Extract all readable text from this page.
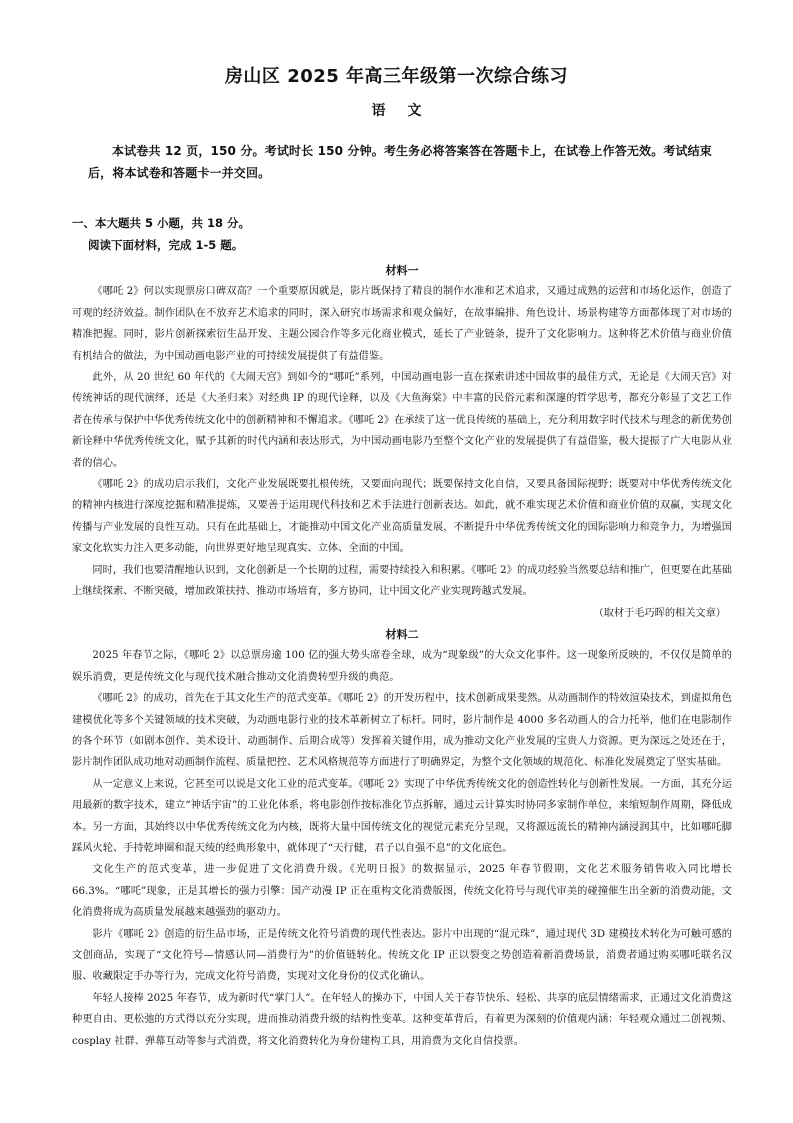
房山区 2025 年高三年级第一次综合练习
语文
本试卷共 12 页，150 分。考试时长 150 分钟。考生务必将答案答在答题卡上，在试卷上作答无效。考试结束后，将本试卷和答题卡一并交回。
一、本大题共 5 小题，共 18 分。
阅读下面材料，完成 1-5 题。

材料一

《哪吒 2》何以实现票房口碑双高？一个重要原因就是，影片既保持了精良的制作水准和艺术追求，又通过成熟的运营和市场化运作，创造了可观的经济效益。制作团队在不放弃艺术追求的同时，深入研究市场需求和观众偏好，在故事编排、角色设计、场景构建等方面都体现了对市场的精准把握。同时，影片创新探索衍生品开发、主题公园合作等多元化商业模式，延长了产业链条，提升了文化影响力。这种将艺术价值与商业价值有机结合的做法，为中国动画电影产业的可持续发展提供了有益借鉴。

此外，从 20 世纪 60 年代的《大闹天宫》到如今的“哪吒”系列，中国动画电影一直在探索讲述中国故事的最佳方式，无论是《大闹天宫》对传统神话的现代演绎，还是《大圣归来》对经典 IP 的现代诠释，以及《大鱼海棠》中丰富的民俗元素和深邃的哲学思考，都充分彰显了文艺工作者在传承与保护中华优秀传统文化中的创新精神和不懈追求。《哪吒 2》在承续了这一优良传统的基础上，充分利用数字时代技术与理念的新优势创新诠释中华优秀传统文化，赋予其新的时代内涵和表达形式，为中国动画电影乃至整个文化产业的发展提供了有益借鉴，极大提振了广大电影从业者的信心。

《哪吒 2》的成功启示我们，文化产业发展既要扎根传统，又要面向现代；既要保持文化自信，又要具备国际视野；既要对中华优秀传统文化的精神内核进行深度挖掘和精准提炼，又要善于运用现代科技和艺术手法进行创新表达。如此，就不难实现艺术价值和商业价值的双赢，实现文化传播与产业发展的良性互动。只有在此基础上，才能推动中国文化产业高质量发展，不断提升中华优秀传统文化的国际影响力和竞争力，为增强国家文化软实力注入更多动能，向世界更好地呈现真实、立体、全面的中国。

同时，我们也要清醒地认识到，文化创新是一个长期的过程，需要持续投入和积累。《哪吒 2》的成功经验当然要总结和推广，但更要在此基础上继续探索、不断突破，增加政策扶持、推动市场培育，多方协同，让中国文化产业实现跨越式发展。

（取材于毛巧晖的相关文章）

材料二

2025 年春节之际，《哪吒 2》以总票房逾 100 亿的强大势头席卷全球，成为“现象级”的大众文化事件。这一现象所反映的，不仅仅是简单的娱乐消费，更是传统文化与现代技术融合推动文化消费转型升级的典范。

《哪吒 2》的成功，首先在于其文化生产的范式变革。《哪吒 2》的开发历程中，技术创新成果斐然。从动画制作的特效渲染技术，到虚拟角色建模优化等多个关键领域的技术突破，为动画电影行业的技术革新树立了标杆。同时，影片制作是 4000 多名动画人的合力托举，他们在电影制作的各个环节（如剧本创作、美术设计、动画制作、后期合成等）发挥着关键作用，成为推动文化产业发展的宝贵人力资源。更为深远之处还在于，影片制作团队成功地对动画制作流程、质量把控、艺术风格规范等方面进行了明确界定，为整个文化领域的规范化、标准化发展奠定了坚实基础。

从一定意义上来说，它甚至可以说是文化工业的范式变革。《哪吒 2》实现了中华优秀传统文化的创造性转化与创新性发展。一方面，其充分运用最新的数字技术，建立“神话宇宙”的工业化体系，将电影创作按标准化节点拆解，通过云计算实时协同多家制作单位，来缩短制作周期，降低成本。另一方面，其始终以中华优秀传统文化为内核，既将大量中国传统文化的视觉元素充分呈现，又将源远流长的精神内涵浸润其中，比如哪吒脚踩风火轮、手持乾坤圈和混天绫的经典形象中，就体现了“天行健，君子以自强不息”的文化底色。

文化生产的范式变革，进一步促进了文化消费升级。《光明日报》的数据显示，2025 年春节假期，文化艺术服务销售收入同比增长 66.3%。“哪吒”现象，正是其增长的强力引擎：国产动漫 IP 正在重构文化消费版图，传统文化符号与现代审美的碰撞催生出全新的消费动能，文化消费将成为高质量发展越来越强劲的驱动力。

影片《哪吒 2》创造的衍生品市场，正是传统文化符号消费的现代性表达。影片中出现的“混元珠”，通过现代 3D 建模技术转化为可触可感的文创商品，实现了“文化符号—情感认同—消费行为”的价值链转化。传统文化 IP 正以裂变之势创造着新消费场景，消费者通过购买哪吒联名汉服、收藏限定手办等行为，完成文化符号消费，实现对文化身份的仪式化确认。

年轻人接棒 2025 年春节，成为新时代“掌门人”。在年轻人的操办下，中国人关于春节快乐、轻松、共享的底层情绪需求，正通过文化消费这种更自由、更松弛的方式得以充分实现，进而推动消费升级的结构性变革。这种变革背后，有着更为深刻的价值观内涵：年轻观众通过二创视频、cosplay 社群、弹幕互动等参与式消费，将文化消费转化为身份建构工具，用消费为文化自信投票。
